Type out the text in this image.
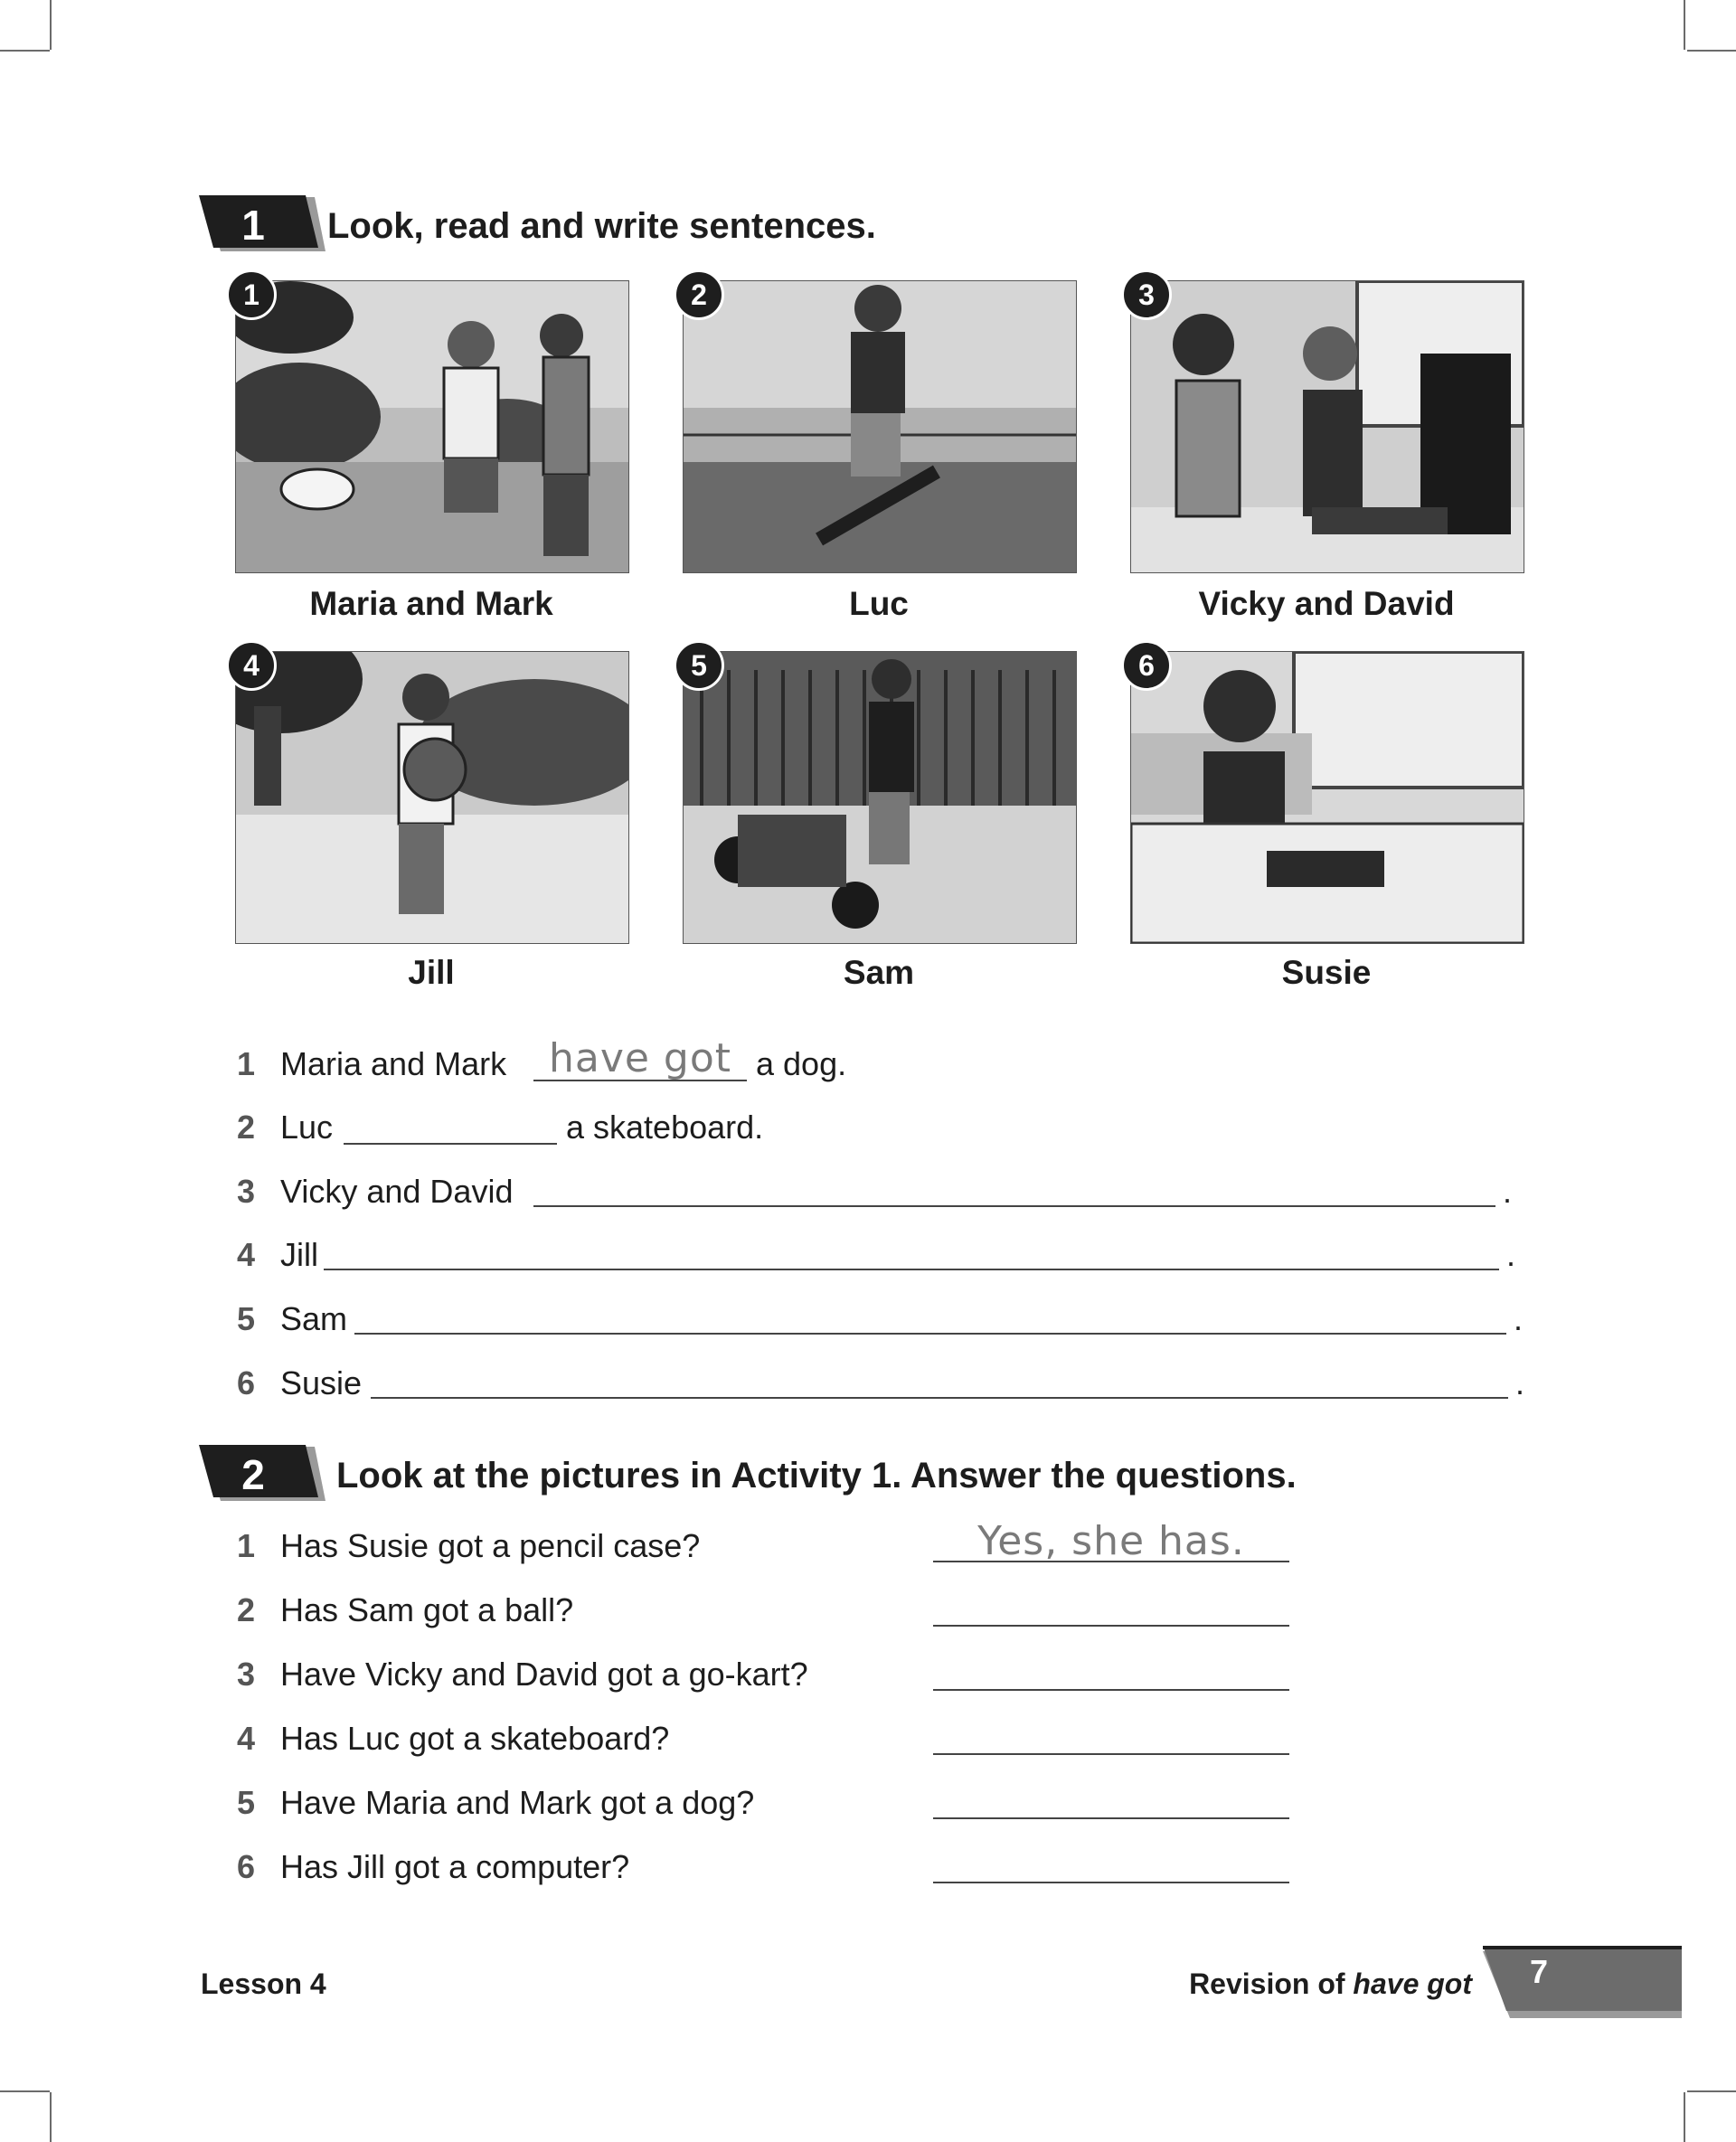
1	Look, read and write sentences.
1
Maria and Mark
2
Luc
3
Vicky and David
4
Jill
5
Sam
6
Susie
1 Maria and Mark	have got a dog.
2 Luc	a skateboard.
3 Vicky and David	.
4 Jill	.
5 Sam	.
6 Susie	.
2	Look at the pictures in Activity 1. Answer the questions.
1 Has Susie got a pencil case?	Yes, she has.
2 Has Sam got a ball?
3 Have Vicky and David got a go-kart?
4 Has Luc got a skateboard?
5 Have Maria and Mark got a dog?
6 Has Jill got a computer?
Lesson 4	Revision of have got 7
